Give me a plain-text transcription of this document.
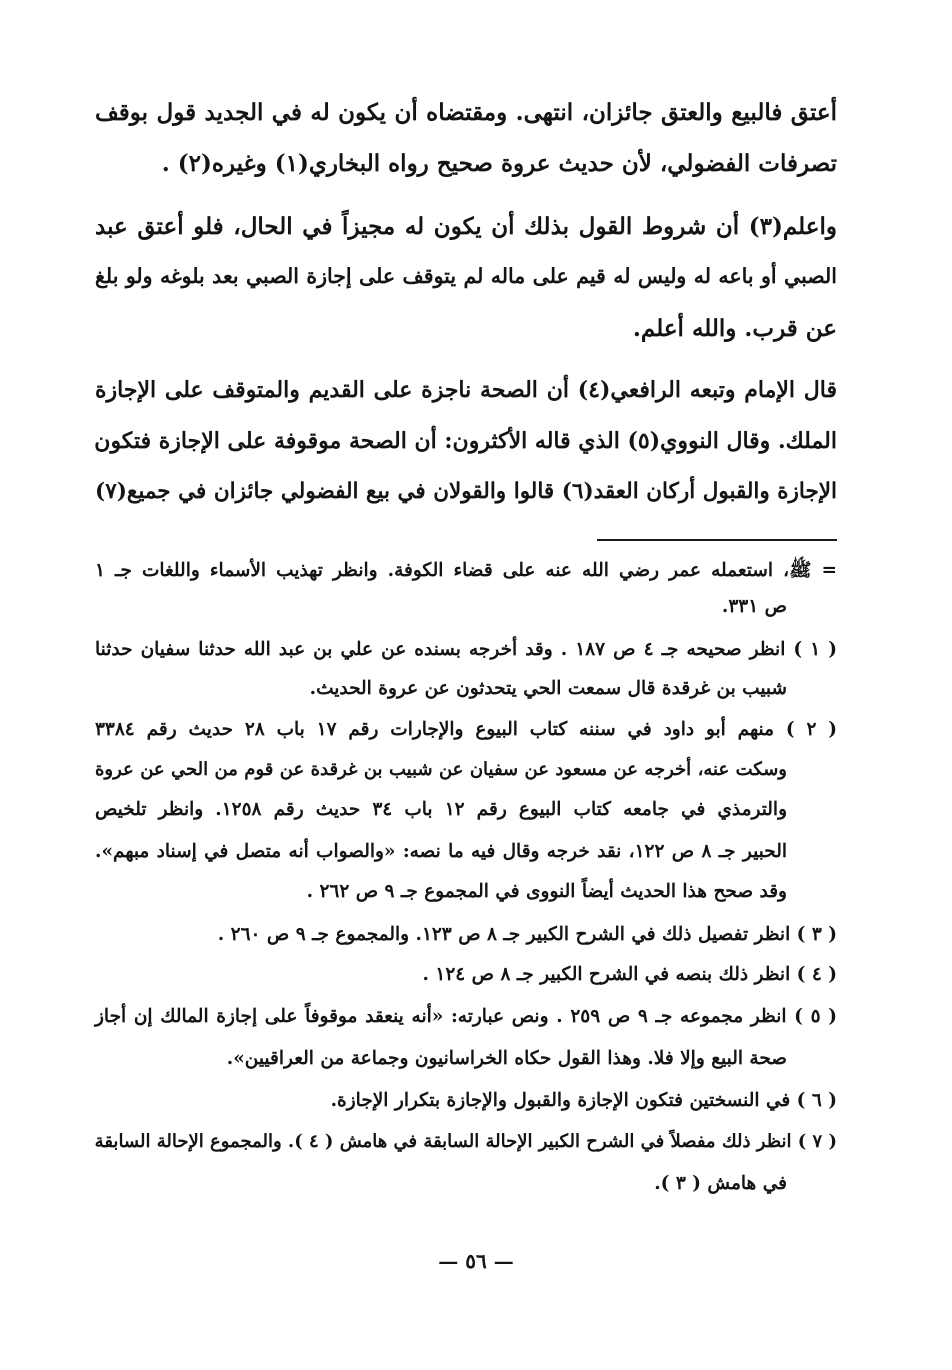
أعتق فالبيع والعتق جائزان، انتهى. ومقتضاه أن يكون له في الجديد قول بوقف
تصرفات الفضولي، لأن حديث عروة صحيح رواه البخاري(١) وغيره(٢) .
واعلم(٣) أن شروط القول بذلك أن يكون له مجيزاً في الحال، فلو أعتق عبد
الصبي أو باعه له وليس له قيم على ماله لم يتوقف على إجازة الصبي بعد بلوغه ولو بلغ
عن قرب. والله أعلم.
قال الإمام وتبعه الرافعي(٤) أن الصحة ناجزة على القديم والمتوقف على الإجازة
الملك. وقال النووي(٥) الذي قاله الأكثرون: أن الصحة موقوفة على الإجازة فتكون
الإجازة والقبول أركان العقد(٦) قالوا والقولان في بيع الفضولي جائزان في جميع(٧)
= ﷺ، استعمله عمر رضي الله عنه على قضاء الكوفة. وانظر تهذيب الأسماء واللغات جـ ١
ص ٣٣١.
( ١ ) انظر صحيحه جـ ٤ ص ١٨٧ . وقد أخرجه بسنده عن علي بن عبد الله حدثنا سفيان حدثنا
شبيب بن غرقدة قال سمعت الحي يتحدثون عن عروة الحديث.
( ٢ ) منهم أبو داود في سننه كتاب البيوع والإجارات رقم ١٧ باب ٢٨ حديث رقم ٣٣٨٤
وسكت عنه، أخرجه عن مسعود عن سفيان عن شبيب بن غرقدة عن قوم من الحي عن عروة
والترمذي في جامعه كتاب البيوع رقم ١٢ باب ٣٤ حديث رقم ١٢٥٨. وانظر تلخيص
الحبير جـ ٨ ص ١٢٢، نقد خرجه وقال فيه ما نصه: «والصواب أنه متصل في إسناد مبهم».
وقد صحح هذا الحديث أيضاً النووى في المجموع جـ ٩ ص ٢٦٢ .
( ٣ ) انظر تفصيل ذلك في الشرح الكبير جـ ٨ ص ١٢٣. والمجموع جـ ٩ ص ٢٦٠ .
( ٤ ) انظر ذلك بنصه في الشرح الكبير جـ ٨ ص ١٢٤ .
( ٥ ) انظر مجموعه جـ ٩ ص ٢٥٩ . ونص عبارته: «أنه ينعقد موقوفاً على إجازة المالك إن أجاز
صحة البيع وإلا فلا. وهذا القول حكاه الخراسانيون وجماعة من العراقيين».
( ٦ ) في النسختين فتكون الإجازة والقبول والإجازة بتكرار الإجازة.
( ٧ ) انظر ذلك مفصلاً في الشرح الكبير الإحالة السابقة في هامش ( ٤ ). والمجموع الإحالة السابقة
في هامش ( ٣ ).
— ٥٦ —
